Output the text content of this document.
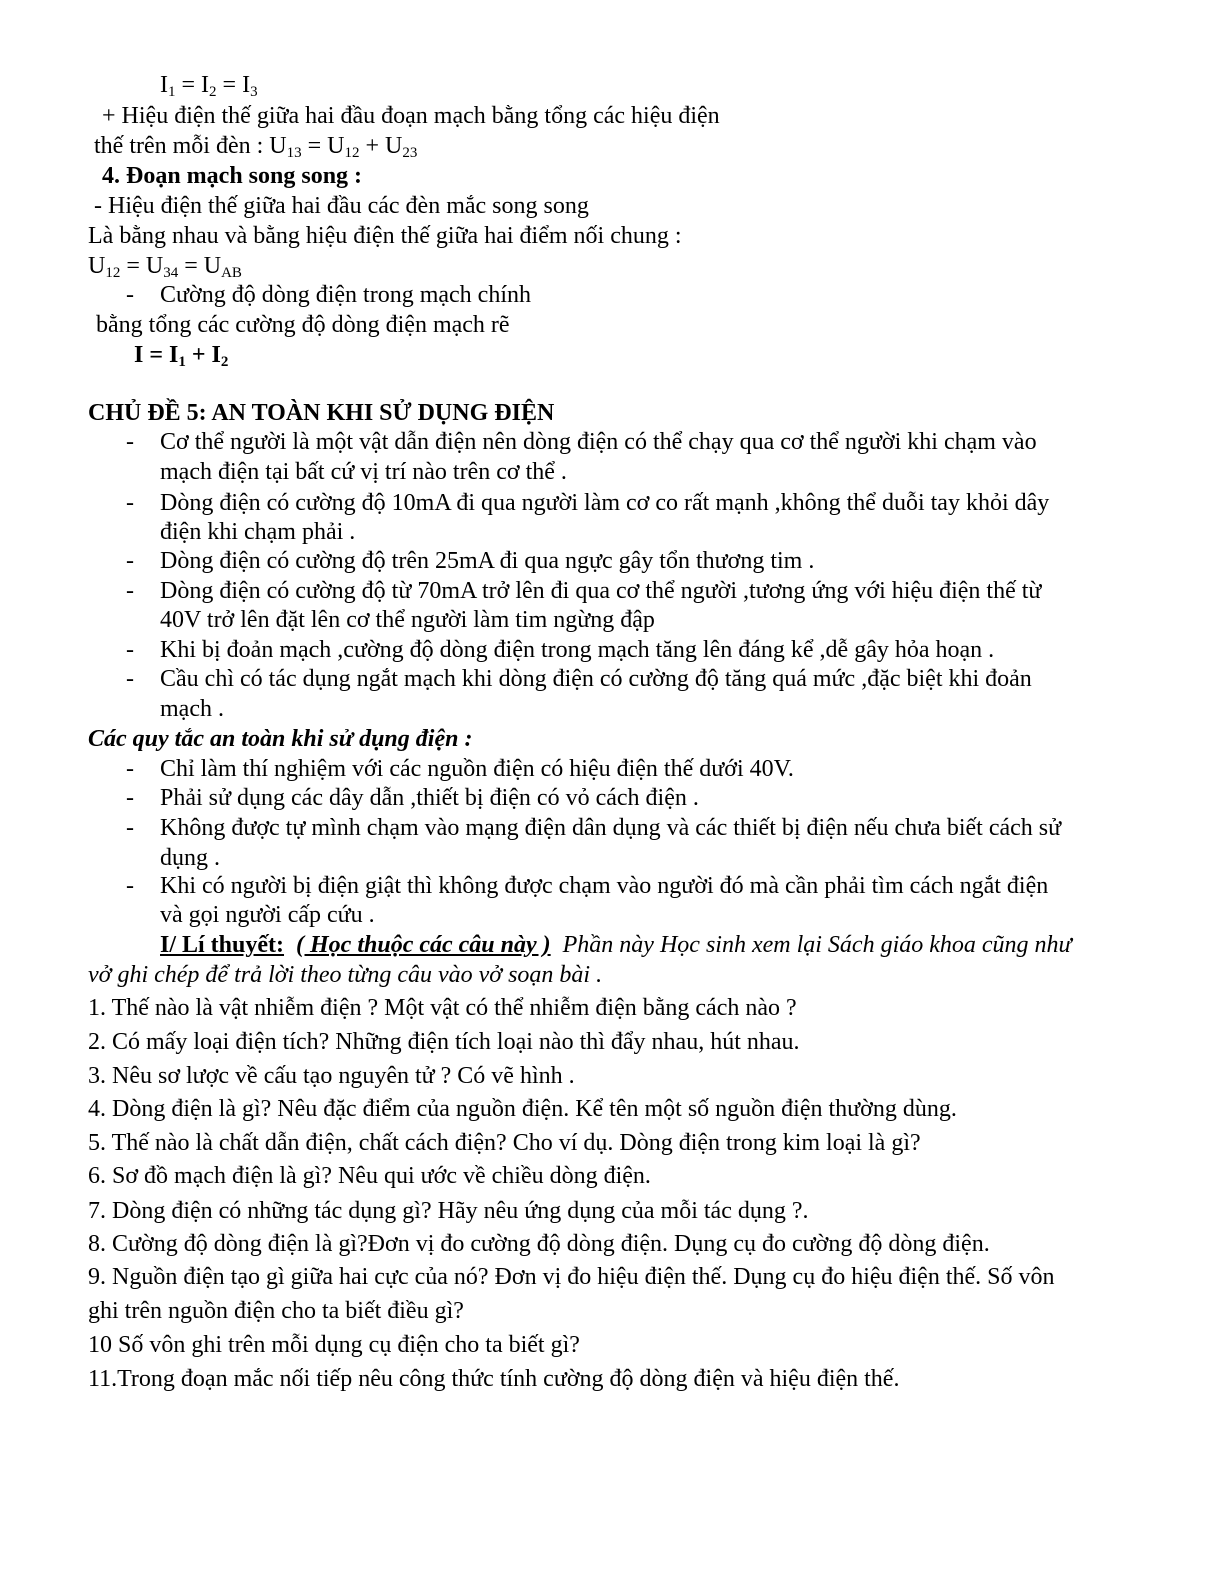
$I_1 = I_2 = I_3$
+ Hiệu điện thế giữa hai đầu đoạn mạch bằng tổng các hiệu điện
thế trên mỗi đèn : $U_{13} = U_{12} + U_{23}$
4. Đoạn mạch song song :
- Hiệu điện thế giữa hai đầu các đèn mắc song song
Là bằng nhau và bằng hiệu điện thế giữa hai điểm nối chung :
$U_{12} = U_{34} = U_{AB}$
- Cường độ dòng điện trong mạch chính
bằng tổng các cường độ dòng điện mạch rẽ
$I = I_1 + I_2$
CHỦ ĐỀ 5: AN TOÀN KHI SỬ DỤNG ĐIỆN
- Cơ thể người là một vật dẫn điện nên dòng điện có thể chạy qua cơ thể người khi chạm vào
mạch điện tại bất cứ vị trí nào trên cơ thể .
- Dòng điện có cường độ 10mA đi qua người làm cơ co rất mạnh ,không thể duỗi tay khỏi dây
điện khi chạm phải .
- Dòng điện có cường độ trên 25mA đi qua ngực gây tổn thương tim .
- Dòng điện có cường độ từ 70mA trở lên đi qua cơ thể người ,tương ứng với hiệu điện thế từ
40V trở lên đặt lên cơ thể người làm tim ngừng đập
- Khi bị đoản mạch ,cường độ dòng điện trong mạch tăng lên đáng kể ,dễ gây hỏa hoạn .
- Cầu chì có tác dụng ngắt mạch khi dòng điện có cường độ tăng quá mức ,đặc biệt khi đoản
mạch .
Các quy tắc an toàn khi sử dụng điện :
- Chỉ làm thí nghiệm với các nguồn điện có hiệu điện thế dưới 40V.
- Phải sử dụng các dây dẫn ,thiết bị điện có vỏ cách điện .
- Không được tự mình chạm vào mạng điện dân dụng và các thiết bị điện nếu chưa biết cách sử
dụng .
- Khi có người bị điện giật thì không được chạm vào người đó mà cần phải tìm cách ngắt điện
và gọi người cấp cứu .
I/ Lí thuyết: ( Học thuộc các câu này ) Phần này Học sinh xem lại Sách giáo khoa cũng như
vở ghi chép để trả lời theo từng câu vào vở soạn bài .
1. Thế nào là vật nhiễm điện ? Một vật có thể nhiễm điện bằng cách nào ?
2. Có mấy loại điện tích? Những điện tích loại nào thì đẩy nhau, hút nhau.
3. Nêu sơ lược về cấu tạo nguyên tử ? Có vẽ hình .
4. Dòng điện là gì? Nêu đặc điểm của nguồn điện. Kể tên một số nguồn điện thường dùng.
5. Thế nào là chất dẫn điện, chất cách điện? Cho ví dụ. Dòng điện trong kim loại là gì?
6. Sơ đồ mạch điện là gì? Nêu qui ước về chiều dòng điện.
7. Dòng điện có những tác dụng gì? Hãy nêu ứng dụng của mỗi tác dụng ?.
8. Cường độ dòng điện là gì?Đơn vị đo cường độ dòng điện. Dụng cụ đo cường độ dòng điện.
9. Nguồn điện tạo gì giữa hai cực của nó? Đơn vị đo hiệu điện thế. Dụng cụ đo hiệu điện thế. Số vôn
ghi trên nguồn điện cho ta biết điều gì?
10 Số vôn ghi trên mỗi dụng cụ điện cho ta biết gì?
11.Trong đoạn mắc nối tiếp nêu công thức tính cường độ dòng điện và hiệu điện thế.
